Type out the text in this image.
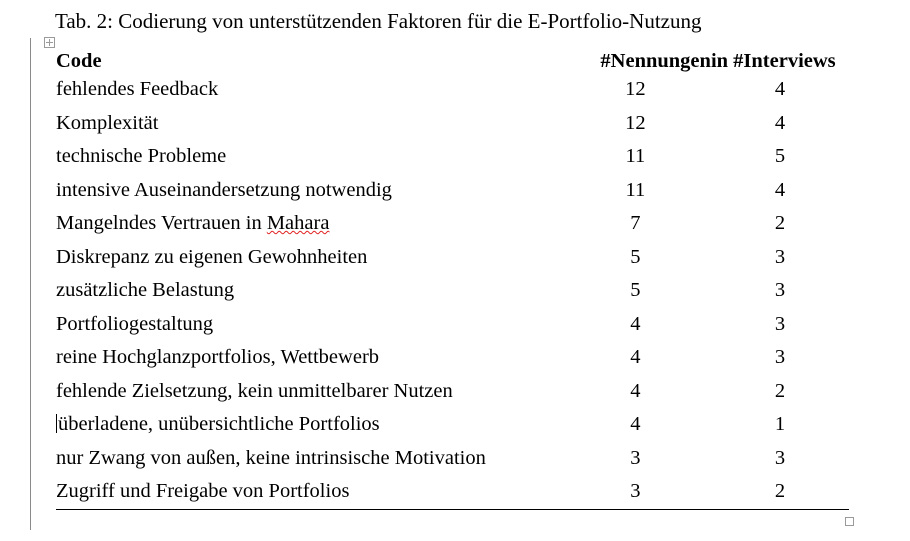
Tab. 2: Codierung von unterstützenden Faktoren für die E-Portfolio-Nutzung
Code	#Nennungen	in #Interviews
fehlendes Feedback	12	4
Komplexität	12	4
technische Probleme	11	5
intensive Auseinandersetzung notwendig	11	4
Mangelndes Vertrauen in Mahara	7	2
Diskrepanz zu eigenen Gewohnheiten	5	3
zusätzliche Belastung	5	3
Portfoliogestaltung	4	3
reine Hochglanzportfolios, Wettbewerb	4	3
fehlende Zielsetzung, kein unmittelbarer Nutzen	4	2
überladene, unübersichtliche Portfolios	4	1
nur Zwang von außen, keine intrinsische Motivation	3	3
Zugriff und Freigabe von Portfolios	3	2
